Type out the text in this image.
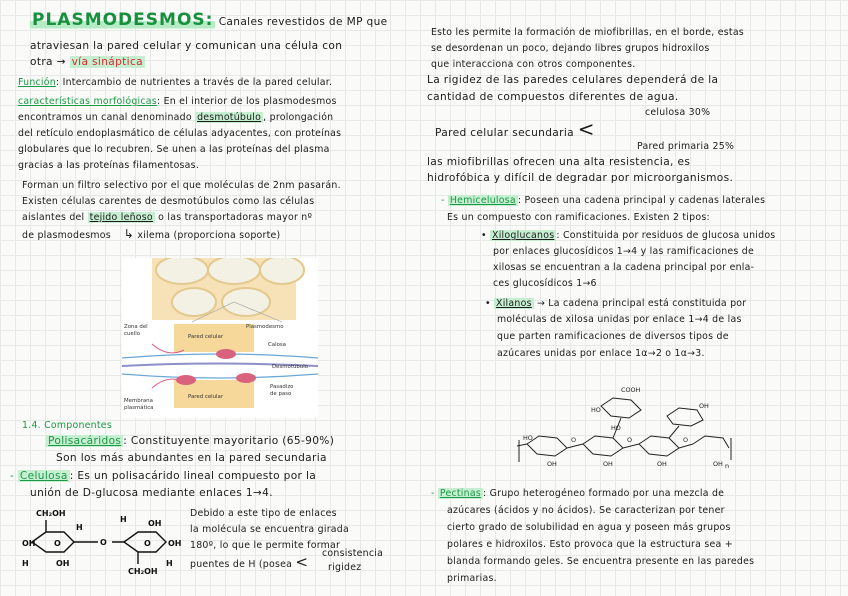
PLASMODESMOS: Canales revestidos de MP que
atraviesan la pared celular y comunican una célula con
otra → vía sináptica
Función: Intercambio de nutrientes a través de la pared celular.
características morfológicas: En el interior de los plasmodesmos
encontramos un canal denominado desmotúbulo , prolongación
del retículo endoplasmático de células adyacentes, con proteínas
globulares que lo recubren. Se unen a las proteínas del plasma
gracias a las proteínas filamentosas.
Forman un filtro selectivo por el que moléculas de 2nm pasarán.
Existen células carentes de desmotúbulos como las células
aislantes del tejido leñoso o las transportadoras mayor nº
de plasmodesmos ↳ xilema (proporciona soporte)
Zona del
cuello
Plasmodesmo
Pared celular
Calosa
Desmotúbulo
Pasadizo
de paso
Membrana
plasmática
Pared celular
1.4. Componentes
Polisacáridos : Constituyente mayoritario (65-90%)
Son los más abundantes en la pared secundaria
- Celulosa : Es un polisacárido lineal compuesto por la
unión de D-glucosa mediante enlaces 1→4.
CH₂OH
O
CH₂OH
OH
OH
OH
OH
H
H
H
H
O	O
Debido a este tipo de enlaces
la molécula se encuentra girada
180º, lo que le permite formar
puentes de H (posea < consistencia
rigidez
Esto les permite la formación de miofibrillas, en el borde, estas
se desordenan un poco, dejando libres grupos hidroxilos
que interacciona con otros componentes.
La rigidez de las paredes celulares dependerá de la
cantidad de compuestos diferentes de agua.
celulosa 30%
Pared celular secundaria <
Pared primaria 25%
las miofibrillas ofrecen una alta resistencia, es
hidrofóbica y difícil de degradar por microorganismos.
- Hemicelulosa : Poseen una cadena principal y cadenas laterales
Es un compuesto con ramificaciones. Existen 2 tipos:
• Xiloglucanos : Constituida por residuos de glucosa unidos
por enlaces glucosídicos 1→4 y las ramificaciones de
xilosas se encuentran a la cadena principal por enla-
ces glucosídicos 1→6
• Xilanos → La cadena principal está constituida por
moléculas de xilosa unidas por enlace 1→4 de las
que parten ramificaciones de diversos tipos de
azúcares unidas por enlace 1α→2 o 1α→3.
COOH
HO
HO
OH
HO	O	O	O
OH	OH	OH	OH n
- Pectinas : Grupo heterogéneo formado por una mezcla de
azúcares (ácidos y no ácidos). Se caracterizan por tener
cierto grado de solubilidad en agua y poseen más grupos
polares e hidroxilos. Esto provoca que la estructura sea +
blanda formando geles. Se encuentra presente en las paredes
primarias.
